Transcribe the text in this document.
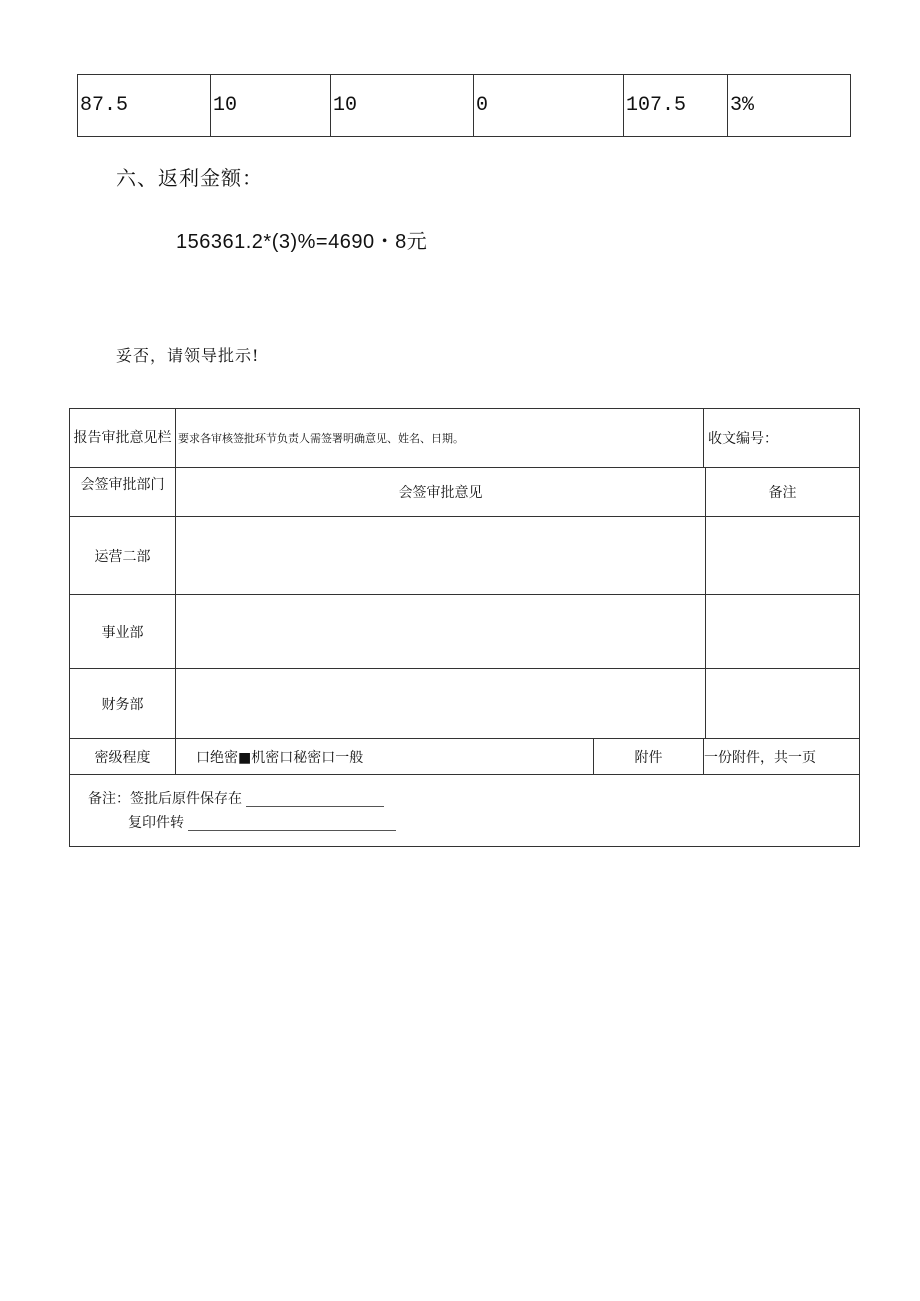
87.5	10	10	0	107.5	3%
六、返利金额：
156361.2*(3)%=4690・8元
妥否，请领导批示!
报告审批意见栏	要求各审核签批环节负责人需签署明确意见、姓名、日期。		收文编号：	
会签审批部门	会签审批意见			备注
运营二部				
事业部				
财务部				
密级程度	口绝密■机密口秘密口一般	附件	一份附件，共一页	

备注：签批后原件保存在
复印件转				
